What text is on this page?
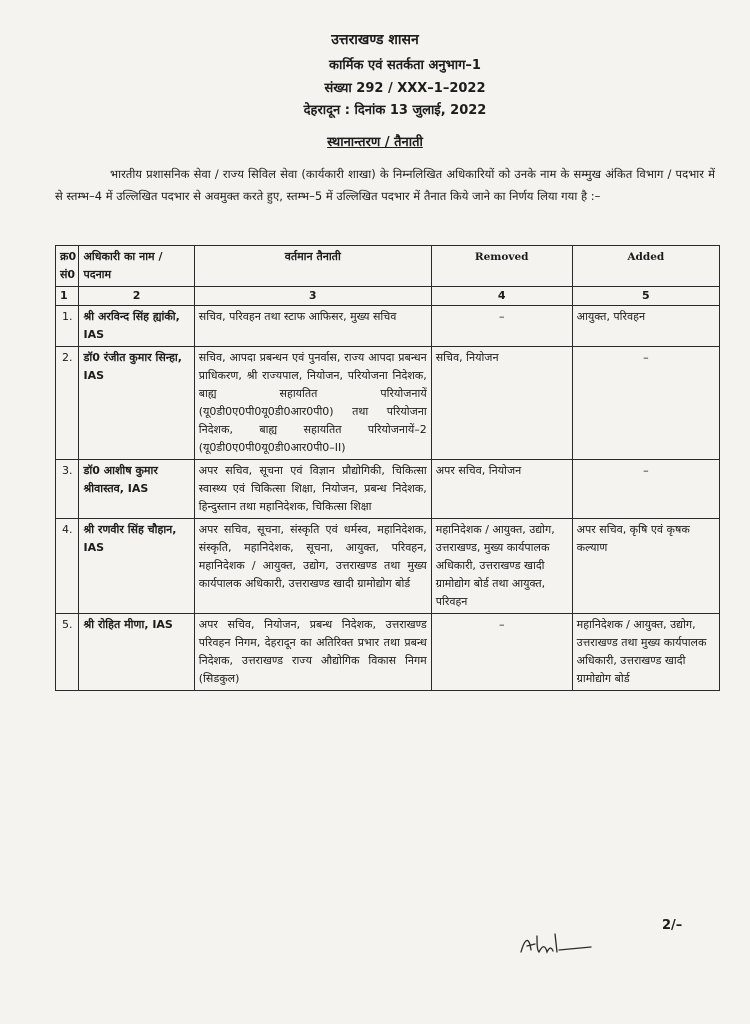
उत्तराखण्ड शासन
कार्मिक एवं सतर्कता अनुभाग–1
संख्या 292 / XXX–1–2022
देहरादून : दिनांक 13 जुलाई, 2022
स्थानान्तरण / तैनाती
भारतीय प्रशासनिक सेवा / राज्य सिविल सेवा (कार्यकारी शाखा) के निम्नलिखित अधिकारियों को उनके नाम के सम्मुख अंकित विभाग / पदभार में से स्तम्भ–4 में उल्लिखित पदभार से अवमुक्त करते हुए, स्तम्भ–5 में उल्लिखित पदभार में तैनात किये जाने का निर्णय लिया गया है :–
क्र0 सं0	अधिकारी का नाम / पदनाम	वर्तमान तैनाती	Removed	Added
1	2	3	4	5
1.	श्री अरविन्द सिंह ह्यांकी, IAS	सचिव, परिवहन तथा स्टाफ आफिसर, मुख्य सचिव	–	आयुक्त, परिवहन
2.	डॉ0 रंजीत कुमार सिन्हा, IAS	सचिव, आपदा प्रबन्धन एवं पुनर्वास, राज्य आपदा प्रबन्धन प्राधिकरण, श्री राज्यपाल, नियोजन, परियोजना निदेशक, बाह्य सहायतित परियोजनायें (यू0डी0ए0पी0यू0डी0आर0पी0) तथा परियोजना निदेशक, बाह्य सहायतित परियोजनायें–2 (यू0डी0ए0पी0यू0डी0आर0पी0–II)	सचिव, नियोजन	–
3.	डॉ0 आशीष कुमार श्रीवास्तव, IAS	अपर सचिव, सूचना एवं विज्ञान प्रौद्योगिकी, चिकित्सा स्वास्थ्य एवं चिकित्सा शिक्षा, नियोजन, प्रबन्ध निदेशक, हिन्दुस्तान तथा महानिदेशक, चिकित्सा शिक्षा	अपर सचिव, नियोजन	–
4.	श्री रणवीर सिंह चौहान, IAS	अपर सचिव, सूचना, संस्कृति एवं धर्मस्व, महानिदेशक, संस्कृति, महानिदेशक, सूचना, आयुक्त, परिवहन, महानिदेशक / आयुक्त, उद्योग, उत्तराखण्ड तथा मुख्य कार्यपालक अधिकारी, उत्तराखण्ड खादी ग्रामोद्योग बोर्ड	महानिदेशक / आयुक्त, उद्योग, उत्तराखण्ड, मुख्य कार्यपालक अधिकारी, उत्तराखण्ड खादी ग्रामोद्योग बोर्ड तथा आयुक्त, परिवहन	अपर सचिव, कृषि एवं कृषक कल्याण
5.	श्री रोहित मीणा, IAS	अपर सचिव, नियोजन, प्रबन्ध निदेशक, उत्तराखण्ड परिवहन निगम, देहरादून का अतिरिक्त प्रभार तथा प्रबन्ध निदेशक, उत्तराखण्ड राज्य औद्योगिक विकास निगम (सिडकुल)	–	महानिदेशक / आयुक्त, उद्योग, उत्तराखण्ड तथा मुख्य कार्यपालक अधिकारी, उत्तराखण्ड खादी ग्रामोद्योग बोर्ड
2/–
